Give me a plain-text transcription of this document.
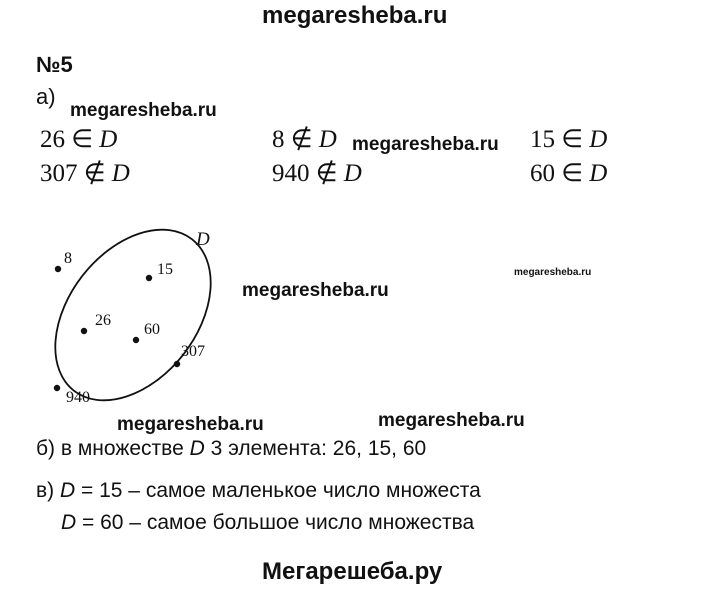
megaresheba.ru
№5
а)
megaresheba.ru
26 ∈ D	8 ∉ D megaresheba.ru 15 ∈ D
307 ∉ D	940 ∉ D	60 ∈ D
D
8
15
26
60
307
940
megaresheba.ru
megaresheba.ru
megaresheba.ru	megaresheba.ru
б) в множестве D 3 элемента: 26, 15, 60
в) D = 15 – самое маленькое число множеста
D = 60 – самое большое число множества
Мегарешеба.ру
